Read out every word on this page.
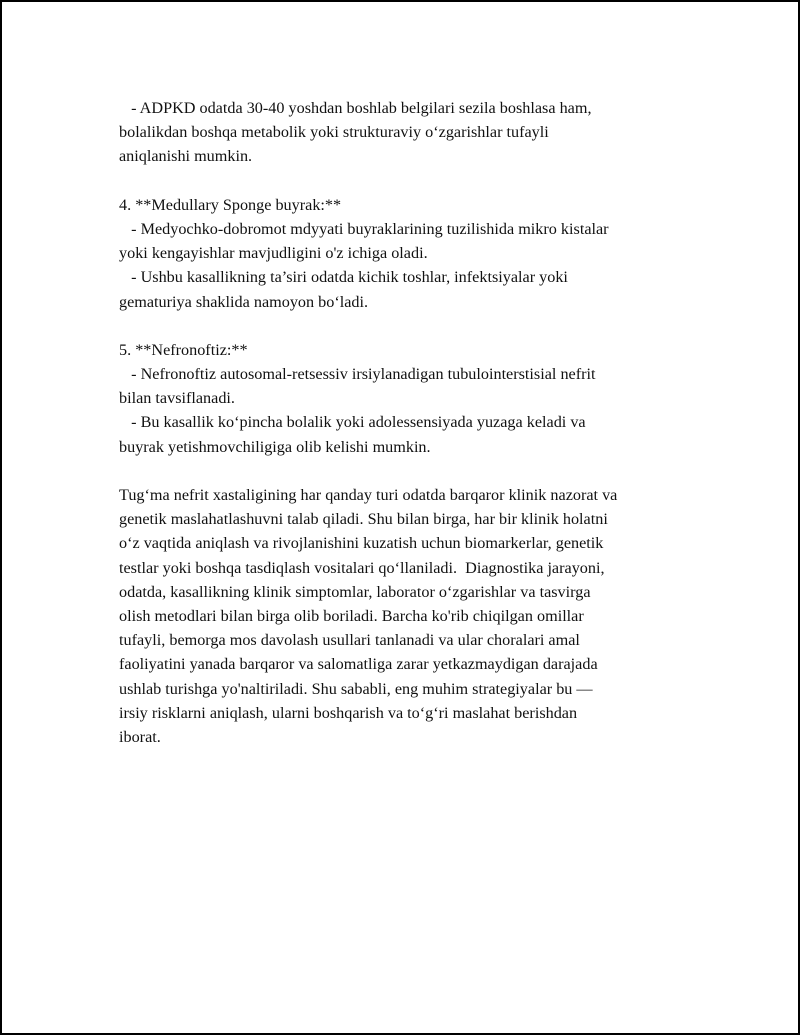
- ADPKD odatda 30-40 yoshdan boshlab belgilari sezila boshlasa ham,
bolalikdan boshqa metabolik yoki strukturaviy o‘zgarishlar tufayli
aniqlanishi mumkin.
4. **Medullary Sponge buyrak:**
- Medyochko-dobromot mdyyati buyraklarining tuzilishida mikro kistalar
yoki kengayishlar mavjudligini o'z ichiga oladi.
- Ushbu kasallikning ta’siri odatda kichik toshlar, infektsiyalar yoki
gematuriya shaklida namoyon bo‘ladi.
5. **Nefronoftiz:**
- Nefronoftiz autosomal-retsessiv irsiylanadigan tubulointerstisial nefrit
bilan tavsiflanadi.
- Bu kasallik ko‘pincha bolalik yoki adolessensiyada yuzaga keladi va
buyrak yetishmovchiligiga olib kelishi mumkin.
Tug‘ma nefrit xastaligining har qanday turi odatda barqaror klinik nazorat va
genetik maslahatlashuvni talab qiladi. Shu bilan birga, har bir klinik holatni
o‘z vaqtida aniqlash va rivojlanishini kuzatish uchun biomarkerlar, genetik
testlar yoki boshqa tasdiqlash vositalari qo‘llaniladi.  Diagnostika jarayoni,
odatda, kasallikning klinik simptomlar, laborator o‘zgarishlar va tasvirga
olish metodlari bilan birga olib boriladi. Barcha ko'rib chiqilgan omillar
tufayli, bemorga mos davolash usullari tanlanadi va ular choralari amal
faoliyatini yanada barqaror va salomatliga zarar yetkazmaydigan darajada
ushlab turishga yo'naltiriladi. Shu sababli, eng muhim strategiyalar bu —
irsiy risklarni aniqlash, ularni boshqarish va to‘g‘ri maslahat berishdan
iborat.
